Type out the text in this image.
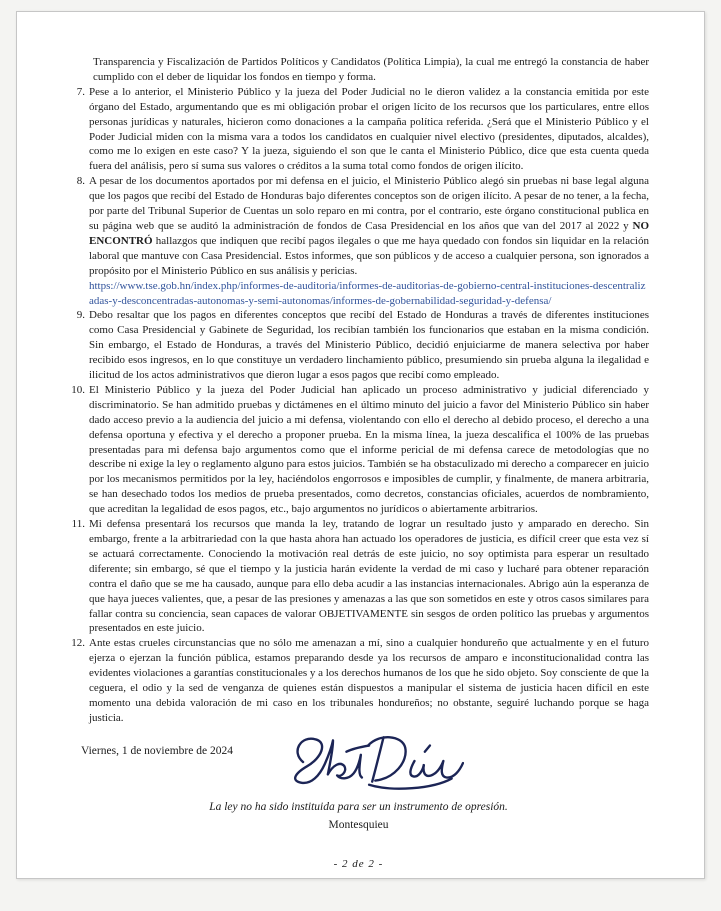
Transparencia y Fiscalización de Partidos Políticos y Candidatos (Política Limpia), la cual me entregó la constancia de haber cumplido con el deber de liquidar los fondos en tiempo y forma.

7. Pese a lo anterior, el Ministerio Público y la jueza del Poder Judicial no le dieron validez a la constancia emitida por este órgano del Estado, argumentando que es mi obligación probar el origen lícito de los recursos que los particulares, entre ellos personas jurídicas y naturales, hicieron como donaciones a la campaña política referida. ¿Será que el Ministerio Público y el Poder Judicial miden con la misma vara a todos los candidatos en cualquier nivel electivo (presidentes, diputados, alcaldes), como me lo exigen en este caso? Y la jueza, siguiendo el son que le canta el Ministerio Público, dice que esta cuenta queda fuera del análisis, pero sí suma sus valores o créditos a la suma total como fondos de origen ilícito.
8. A pesar de los documentos aportados por mi defensa en el juicio, el Ministerio Público alegó sin pruebas ni base legal alguna que los pagos que recibí del Estado de Honduras bajo diferentes conceptos son de origen ilícito. A pesar de no tener, a la fecha, por parte del Tribunal Superior de Cuentas un solo reparo en mi contra, por el contrario, este órgano constitucional publica en su página web que se auditó la administración de fondos de Casa Presidencial en los años que van del 2017 al 2022 y NO ENCONTRÓ hallazgos que indiquen que recibí pagos ilegales o que me haya quedado con fondos sin liquidar en la relación laboral que mantuve con Casa Presidencial. Estos informes, que son públicos y de acceso a cualquier persona, son ignorados a propósito por el Ministerio Público en sus análisis y pericias.
https://www.tse.gob.hn/index.php/informes-de-auditoria/informes-de-auditorias-de-gobierno-central-instituciones-descentralizadas-y-desconcentradas-autonomas-y-semi-autonomas/informes-de-gobernabilidad-seguridad-y-defensa/
9. Debo resaltar que los pagos en diferentes conceptos que recibí del Estado de Honduras a través de diferentes instituciones como Casa Presidencial y Gabinete de Seguridad, los recibían también los funcionarios que estaban en la misma condición. Sin embargo, el Estado de Honduras, a través del Ministerio Público, decidió enjuiciarme de manera selectiva por haber recibido esos ingresos, en lo que constituye un verdadero linchamiento público, presumiendo sin prueba alguna la ilegalidad e ilicitud de los actos administrativos que dieron lugar a esos pagos que recibí como empleado.
10. El Ministerio Público y la jueza del Poder Judicial han aplicado un proceso administrativo y judicial diferenciado y discriminatorio. Se han admitido pruebas y dictámenes en el último minuto del juicio a favor del Ministerio Público sin haber dado acceso previo a la audiencia del juicio a mi defensa, violentando con ello el derecho al debido proceso, el derecho a una defensa oportuna y efectiva y el derecho a proponer prueba. En la misma línea, la jueza descalifica el 100% de las pruebas presentadas para mi defensa bajo argumentos como que el informe pericial de mi defensa carece de metodologías que no describe ni exige la ley o reglamento alguno para estos juicios. También se ha obstaculizado mi derecho a comparecer en juicio por los mecanismos permitidos por la ley, haciéndolos engorrosos e imposibles de cumplir, y finalmente, de manera arbitraria, se han desechado todos los medios de prueba presentados, como decretos, constancias oficiales, acuerdos de nombramiento, que acreditan la legalidad de esos pagos, etc., bajo argumentos no jurídicos o abiertamente arbitrarios.
11. Mi defensa presentará los recursos que manda la ley, tratando de lograr un resultado justo y amparado en derecho. Sin embargo, frente a la arbitrariedad con la que hasta ahora han actuado los operadores de justicia, es difícil creer que esta vez sí se actuará correctamente. Conociendo la motivación real detrás de este juicio, no soy optimista para esperar un resultado diferente; sin embargo, sé que el tiempo y la justicia harán evidente la verdad de mi caso y lucharé para obtener reparación contra el daño que se me ha causado, aunque para ello deba acudir a las instancias internacionales. Abrigo aún la esperanza de que haya jueces valientes, que, a pesar de las presiones y amenazas a las que son sometidos en este y otros casos similares para fallar contra su conciencia, sean capaces de valorar OBJETIVAMENTE sin sesgos de orden político las pruebas y argumentos presentados en este juicio.
12. Ante estas crueles circunstancias que no sólo me amenazan a mí, sino a cualquier hondureño que actualmente y en el futuro ejerza o ejerzan la función pública, estamos preparando desde ya los recursos de amparo e inconstitucionalidad contra las evidentes violaciones a garantías constitucionales y a los derechos humanos de los que he sido objeto. Soy consciente de que la ceguera, el odio y la sed de venganza de quienes están dispuestos a manipular el sistema de justicia hacen difícil en este momento una debida valoración de mi caso en los tribunales hondureños; no obstante, seguiré luchando porque se haga justicia.
Viernes, 1 de noviembre de 2024
La ley no ha sido instituida para ser un instrumento de opresión.
Montesquieu
- 2 de 2 -
